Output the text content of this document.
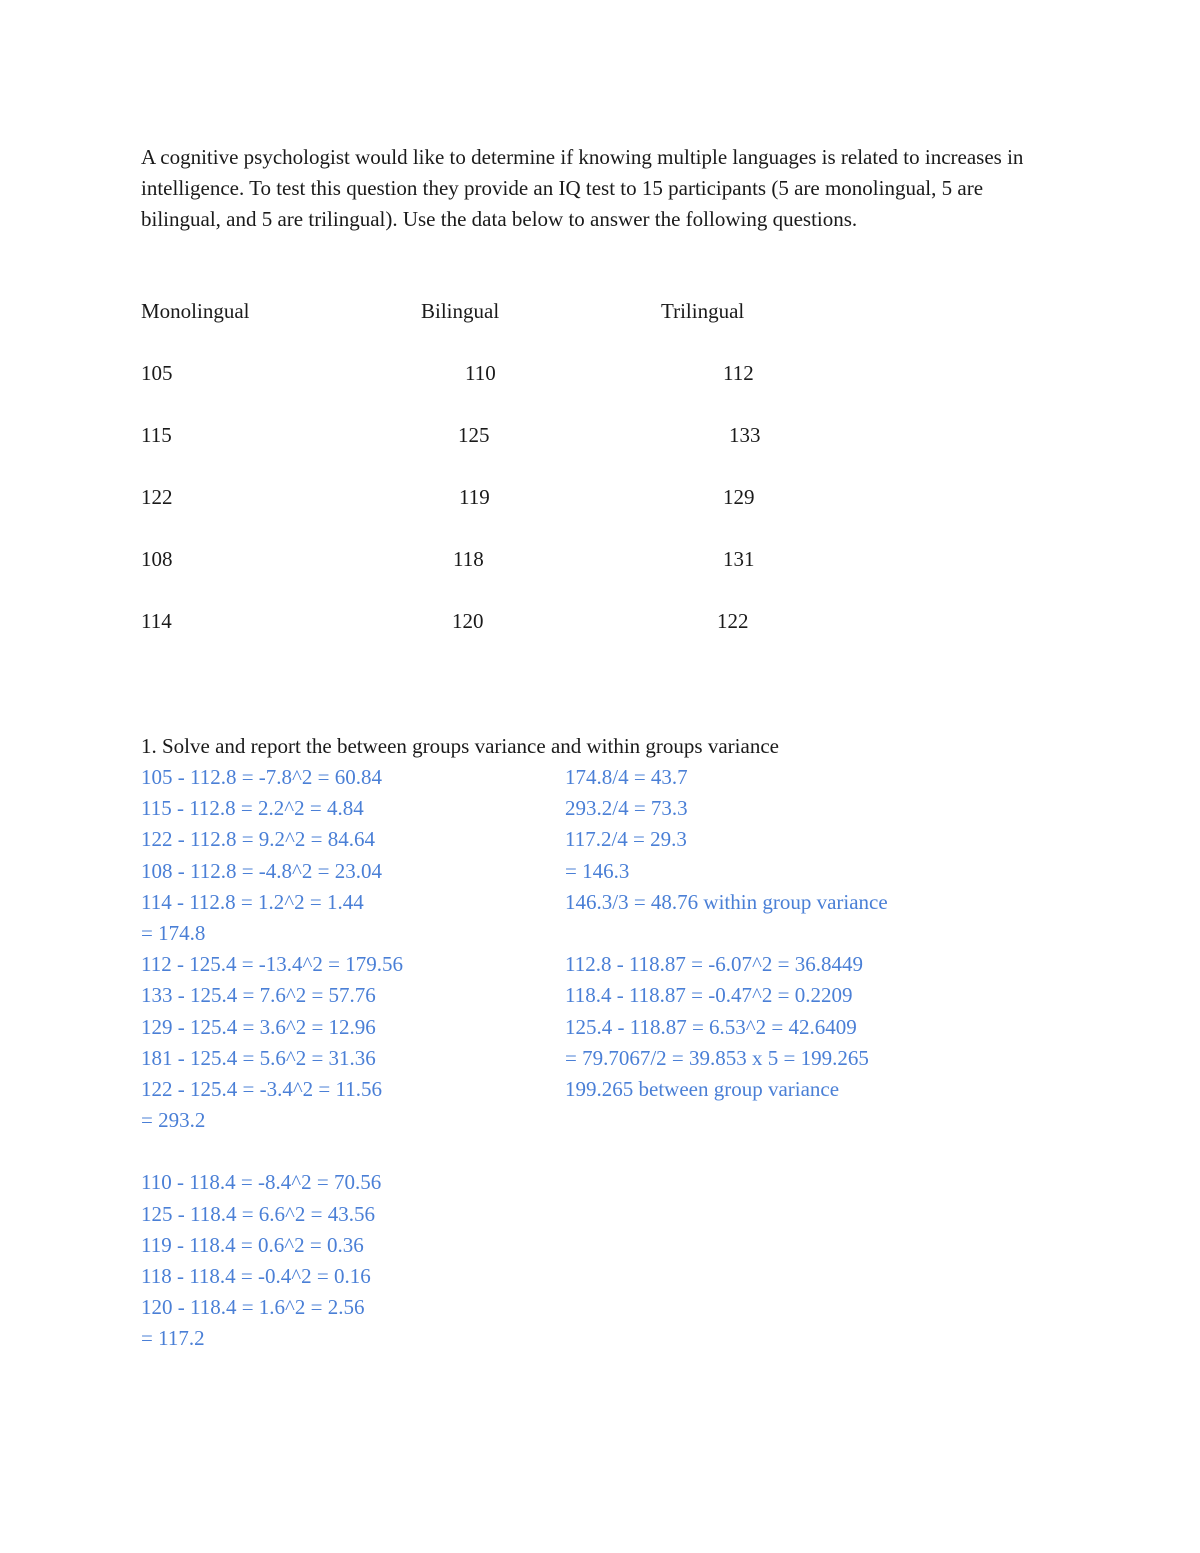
A cognitive psychologist would like to determine if knowing multiple languages is related to increases in intelligence. To test this question they provide an IQ test to 15 participants (5 are monolingual, 5 are bilingual, and 5 are trilingual). Use the data below to answer the following questions.

Monolingual	Bilingual	Trilingual
105	110	112
115	125	133
122	119	129
108	118	131
114	120	122
1. Solve and report the between groups variance and within groups variance
105 - 112.8 = -7.8^2 = 60.84
115 - 112.8 = 2.2^2 = 4.84
122 - 112.8 = 9.2^2 = 84.64
108 - 112.8 = -4.8^2 = 23.04
114 - 112.8 = 1.2^2 = 1.44
= 174.8
112 - 125.4 = -13.4^2 = 179.56
133 - 125.4 = 7.6^2 = 57.76
129 - 125.4 = 3.6^2 = 12.96
181 - 125.4 = 5.6^2 = 31.36
122 - 125.4 = -3.4^2 = 11.56
= 293.2
110 - 118.4 = -8.4^2 = 70.56
125 - 118.4 = 6.6^2 = 43.56
119 - 118.4 = 0.6^2 = 0.36
118 - 118.4 = -0.4^2 = 0.16
120 - 118.4 = 1.6^2 = 2.56
= 117.2
174.8/4 = 43.7
293.2/4 = 73.3
117.2/4 = 29.3
= 146.3
146.3/3 = 48.76 within group variance
112.8 - 118.87 = -6.07^2 = 36.8449
118.4 - 118.87 = -0.47^2 = 0.2209
125.4 - 118.87 = 6.53^2 = 42.6409
= 79.7067/2 = 39.853 x 5 = 199.265
199.265 between group variance
